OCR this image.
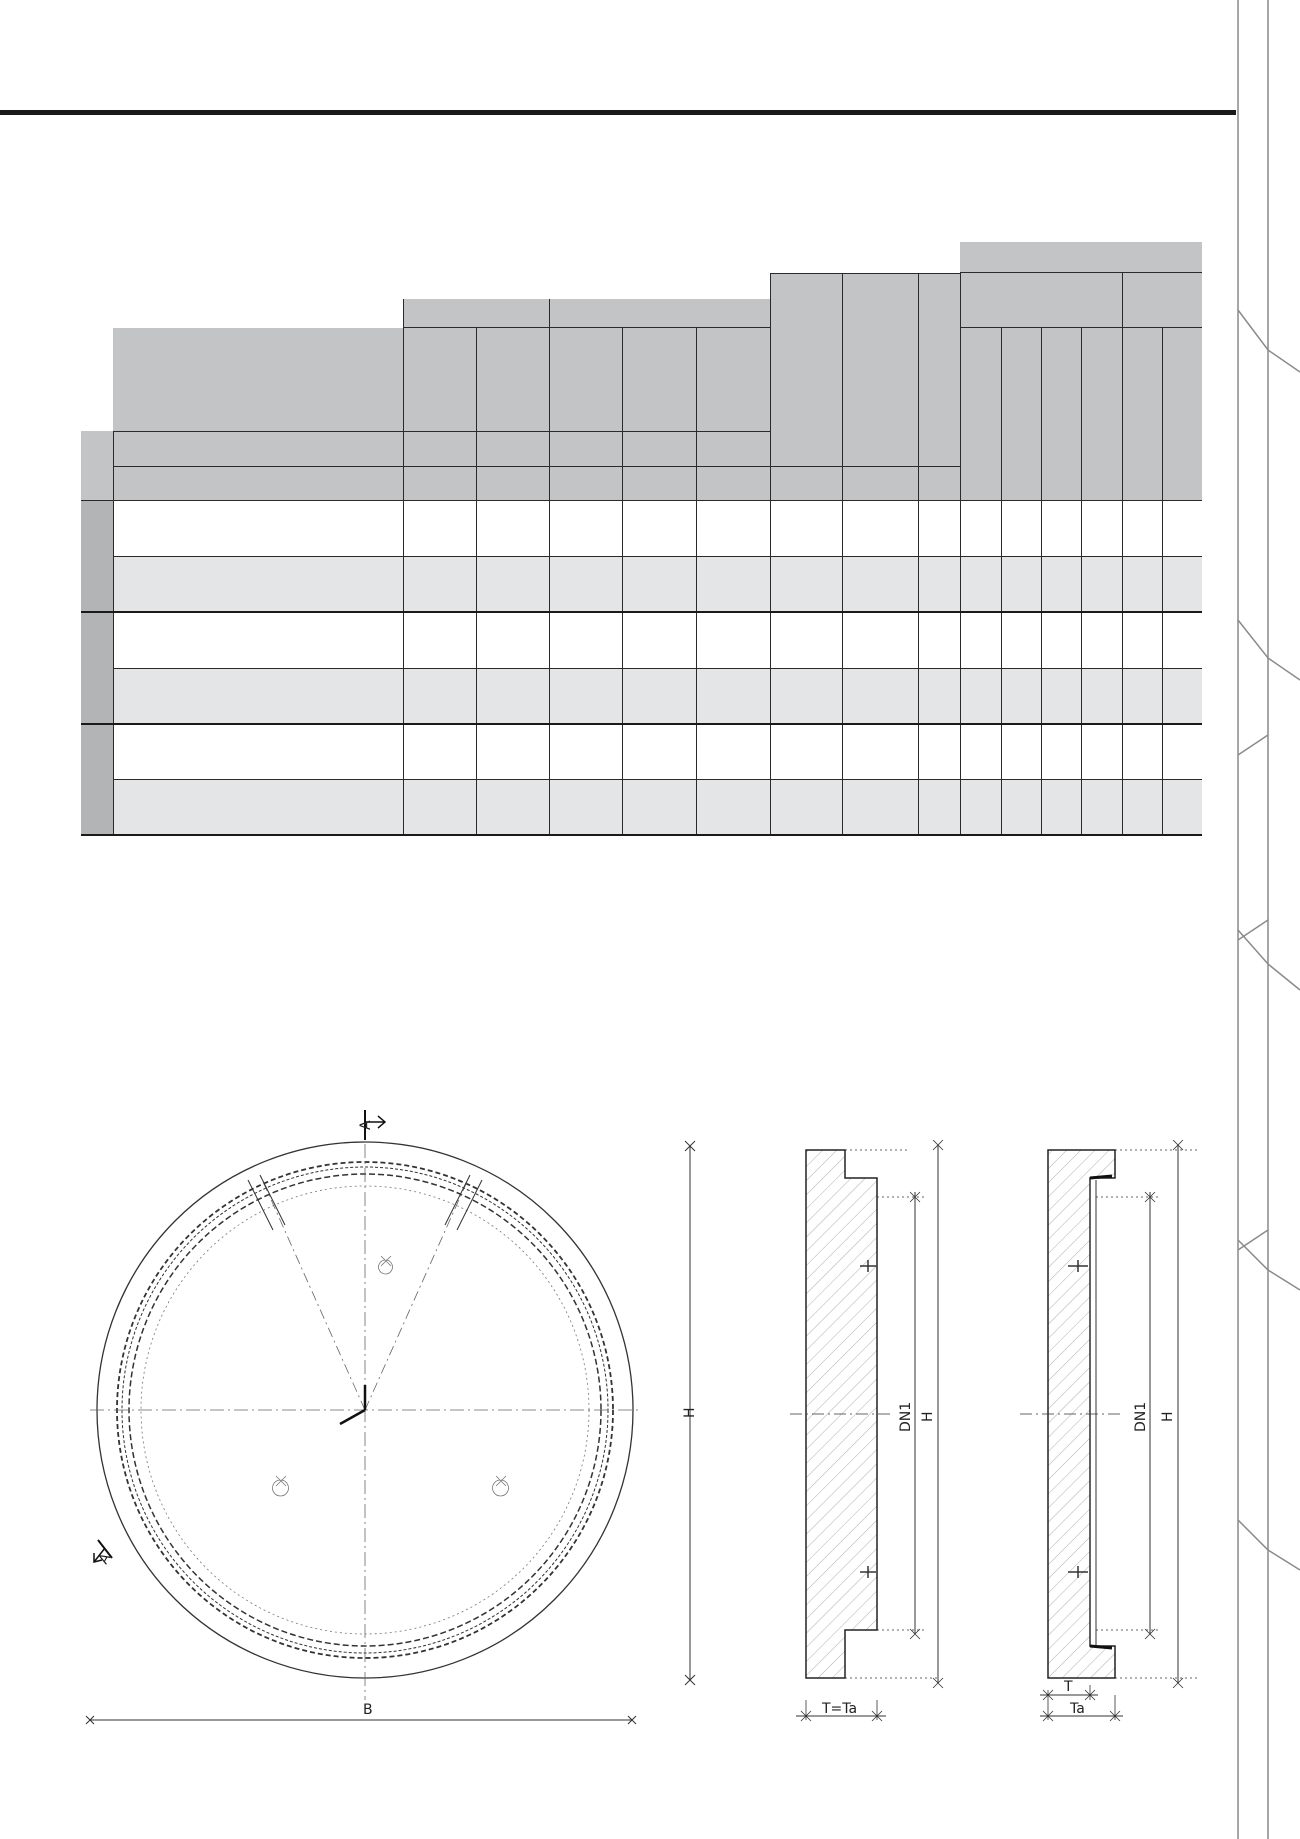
A
A
B
H	DN1 H
T=Ta
DN1 H
T
Ta
